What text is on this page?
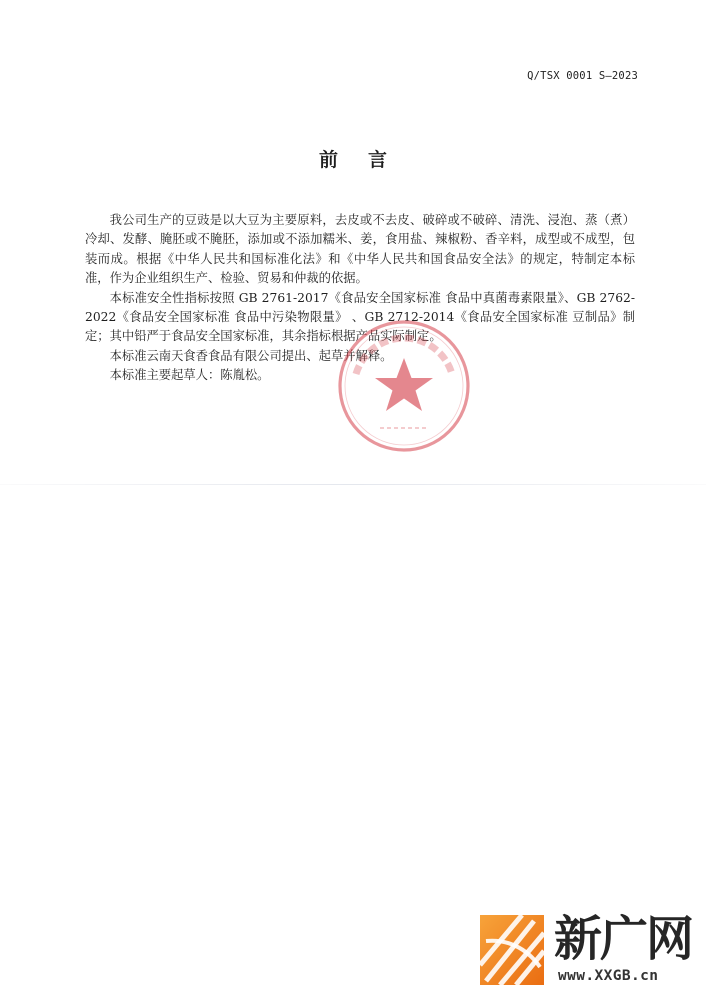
Q/TSX 0001 S—2023
前言

我公司生产的豆豉是以大豆为主要原料，去皮或不去皮、破碎或不破碎、清洗、浸泡、蒸（煮）冷却、发酵、腌胚或不腌胚，添加或不添加糯米、姜，食用盐、辣椒粉、香辛料，成型或不成型，包装而成。根据《中华人民共和国标准化法》和《中华人民共和国食品安全法》的规定，特制定本标准，作为企业组织生产、检验、贸易和仲裁的依据。

本标准安全性指标按照 GB 2761-2017《食品安全国家标准 食品中真菌毒素限量》、GB 2762-2022《食品安全国家标准 食品中污染物限量》 、GB 2712-2014《食品安全国家标准 豆制品》制定；其中铅严于食品安全国家标准，其余指标根据产品实际制定。

本标准云南天食香食品有限公司提出、起草并解释。

本标准主要起草人：陈胤松。

新广网
www.XXGB.cn
